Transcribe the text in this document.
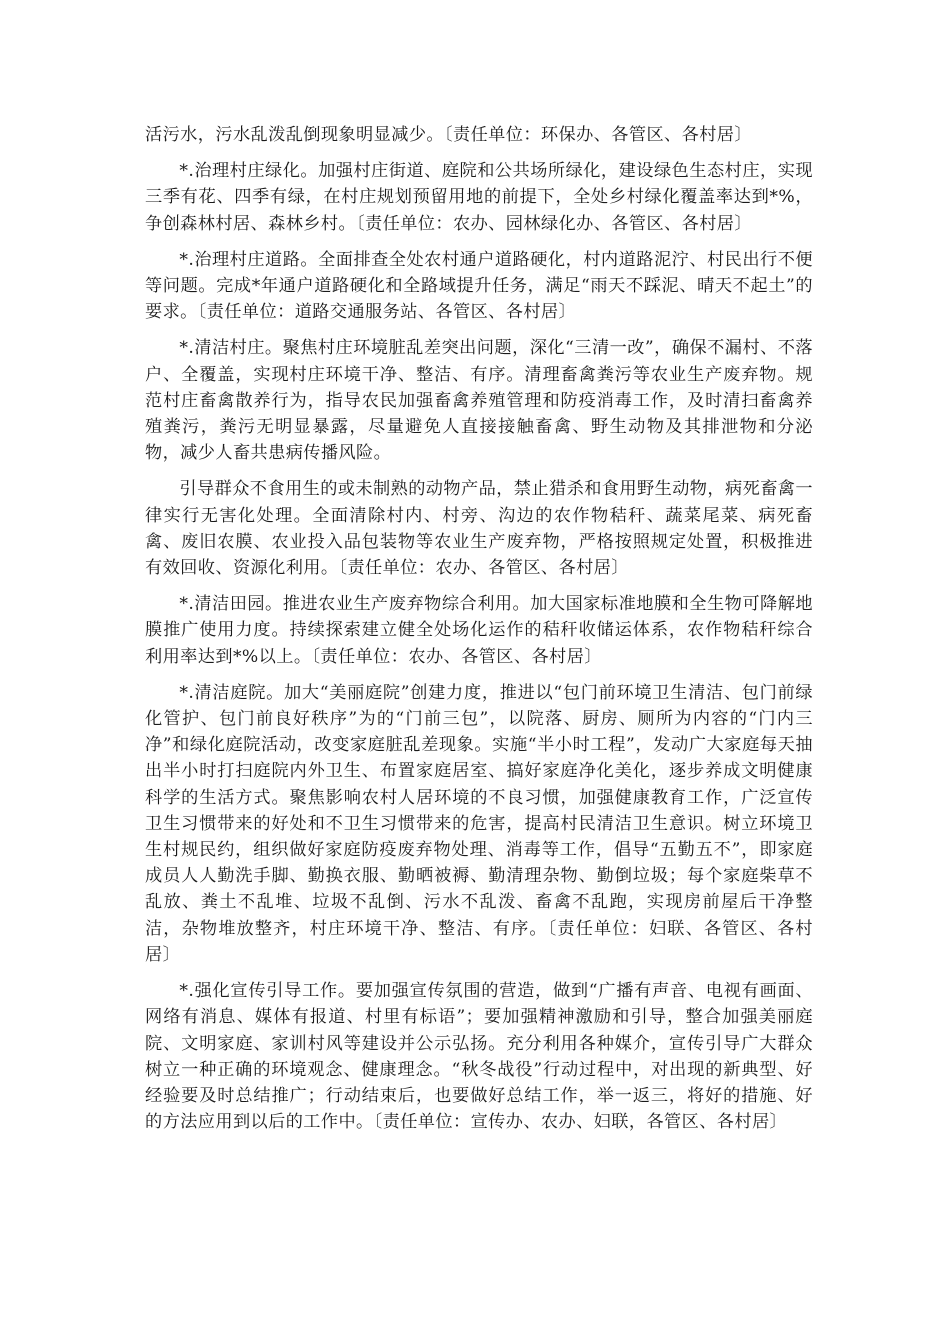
活污水，污水乱泼乱倒现象明显减少。〔责任单位：环保办、各管区、各村居〕

*.治理村庄绿化。加强村庄街道、庭院和公共场所绿化，建设绿色生态村庄，实现三季有花、四季有绿，在村庄规划预留用地的前提下，全处乡村绿化覆盖率达到*%，争创森林村居、森林乡村。〔责任单位：农办、园林绿化办、各管区、各村居〕

*.治理村庄道路。全面排查全处农村通户道路硬化，村内道路泥泞、村民出行不便等问题。完成*年通户道路硬化和全路域提升任务，满足“雨天不踩泥、晴天不起土”的要求。〔责任单位：道路交通服务站、各管区、各村居〕

*.清洁村庄。聚焦村庄环境脏乱差突出问题，深化“三清一改”，确保不漏村、不落户、全覆盖，实现村庄环境干净、整洁、有序。清理畜禽粪污等农业生产废弃物。规范村庄畜禽散养行为，指导农民加强畜禽养殖管理和防疫消毒工作，及时清扫畜禽养殖粪污，粪污无明显暴露，尽量避免人直接接触畜禽、野生动物及其排泄物和分泌物，减少人畜共患病传播风险。

引导群众不食用生的或未制熟的动物产品，禁止猎杀和食用野生动物，病死畜禽一律实行无害化处理。全面清除村内、村旁、沟边的农作物秸秆、蔬菜尾菜、病死畜禽、废旧农膜、农业投入品包装物等农业生产废弃物，严格按照规定处置，积极推进有效回收、资源化利用。〔责任单位：农办、各管区、各村居〕

*.清洁田园。推进农业生产废弃物综合利用。加大国家标准地膜和全生物可降解地膜推广使用力度。持续探索建立健全处场化运作的秸秆收储运体系，农作物秸秆综合利用率达到*%以上。〔责任单位：农办、各管区、各村居〕

*.清洁庭院。加大“美丽庭院”创建力度，推进以“包门前环境卫生清洁、包门前绿化管护、包门前良好秩序”为的“门前三包”，以院落、厨房、厕所为内容的“门内三净”和绿化庭院活动，改变家庭脏乱差现象。实施“半小时工程”，发动广大家庭每天抽出半小时打扫庭院内外卫生、布置家庭居室、搞好家庭净化美化，逐步养成文明健康科学的生活方式。聚焦影响农村人居环境的不良习惯，加强健康教育工作，广泛宣传卫生习惯带来的好处和不卫生习惯带来的危害，提高村民清洁卫生意识。树立环境卫生村规民约，组织做好家庭防疫废弃物处理、消毒等工作，倡导“五勤五不”，即家庭成员人人勤洗手脚、勤换衣服、勤晒被褥、勤清理杂物、勤倒垃圾；每个家庭柴草不乱放、粪土不乱堆、垃圾不乱倒、污水不乱泼、畜禽不乱跑，实现房前屋后干净整洁，杂物堆放整齐，村庄环境干净、整洁、有序。〔责任单位：妇联、各管区、各村居〕

*.强化宣传引导工作。要加强宣传氛围的营造，做到“广播有声音、电视有画面、网络有消息、媒体有报道、村里有标语”；要加强精神激励和引导，整合加强美丽庭院、文明家庭、家训村风等建设并公示弘扬。充分利用各种媒介，宣传引导广大群众树立一种正确的环境观念、健康理念。“秋冬战役”行动过程中，对出现的新典型、好经验要及时总结推广；行动结束后，也要做好总结工作，举一返三，将好的措施、好的方法应用到以后的工作中。〔责任单位：宣传办、农办、妇联，各管区、各村居〕
